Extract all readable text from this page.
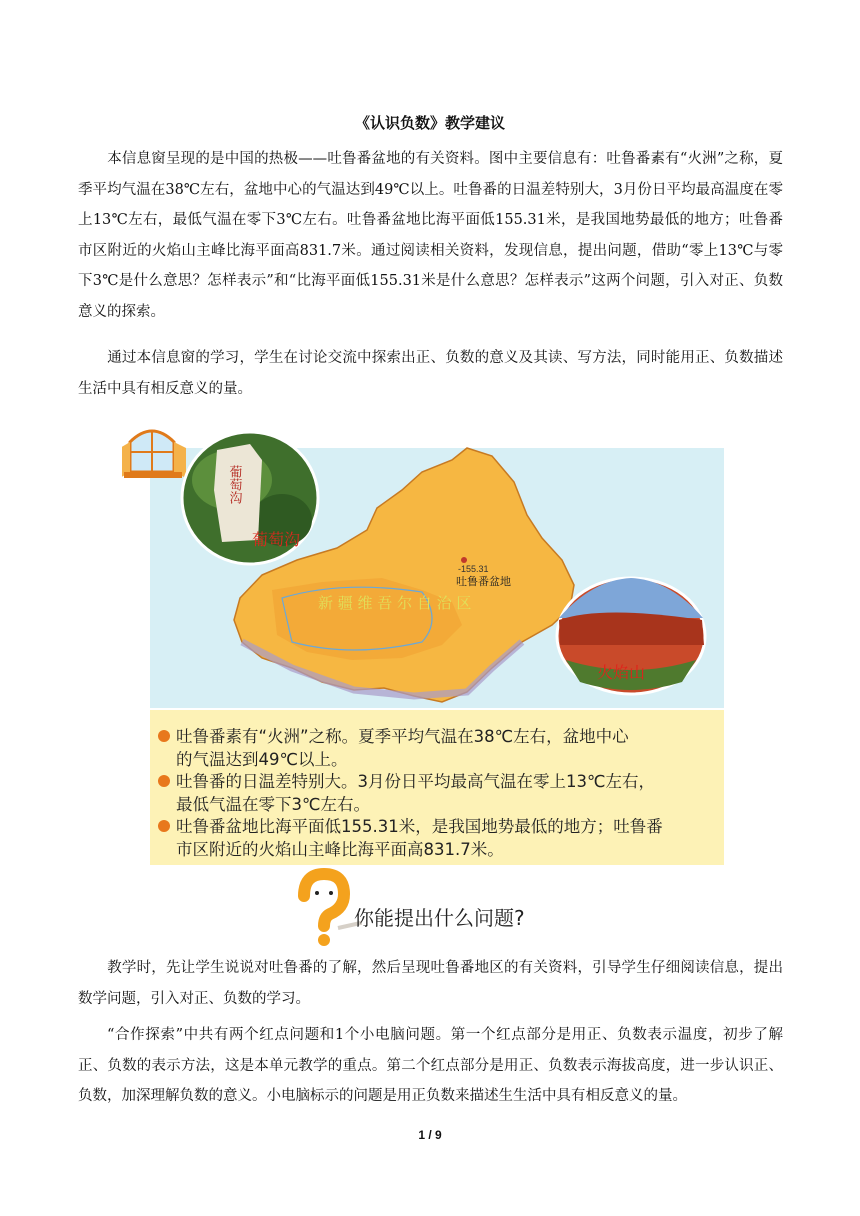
《认识负数》教学建议

本信息窗呈现的是中国的热极——吐鲁番盆地的有关资料。图中主要信息有：吐鲁番素有“火洲”之称，夏季平均气温在38℃左右，盆地中心的气温达到49℃以上。吐鲁番的日温差特别大，3月份日平均最高温度在零上13℃左右，最低气温在零下3℃左右。吐鲁番盆地比海平面低155.31米，是我国地势最低的地方；吐鲁番市区附近的火焰山主峰比海平面高831.7米。通过阅读相关资料，发现信息，提出问题，借助“零上13℃与零下3℃是什么意思？怎样表示”和“比海平面低155.31米是什么意思？怎样表示”这两个问题，引入对正、负数意义的探索。

通过本信息窗的学习，学生在讨论交流中探索出正、负数的意义及其读、写方法，同时能用正、负数描述生活中具有相反意义的量。

-155.31
吐鲁番盆地
新 疆 维 吾 尔 自 治 区
葡萄沟
葡萄沟
火焰山
吐鲁番素有“火洲”之称。夏季平均气温在38℃左右，盆地中心
的气温达到49℃以上。
吐鲁番的日温差特别大。3月份日平均最高气温在零上13℃左右，
最低气温在零下3℃左右。
吐鲁番盆地比海平面低155.31米，是我国地势最低的地方；吐鲁番
市区附近的火焰山主峰比海平面高831.7米。
你能提出什么问题?

教学时，先让学生说说对吐鲁番的了解，然后呈现吐鲁番地区的有关资料，引导学生仔细阅读信息，提出数学问题，引入对正、负数的学习。

“合作探索”中共有两个红点问题和1个小电脑问题。第一个红点部分是用正、负数表示温度，初步了解正、负数的表示方法，这是本单元教学的重点。第二个红点部分是用正、负数表示海拔高度，进一步认识正、负数，加深理解负数的意义。小电脑标示的问题是用正负数来描述生生活中具有相反意义的量。

1 / 9
